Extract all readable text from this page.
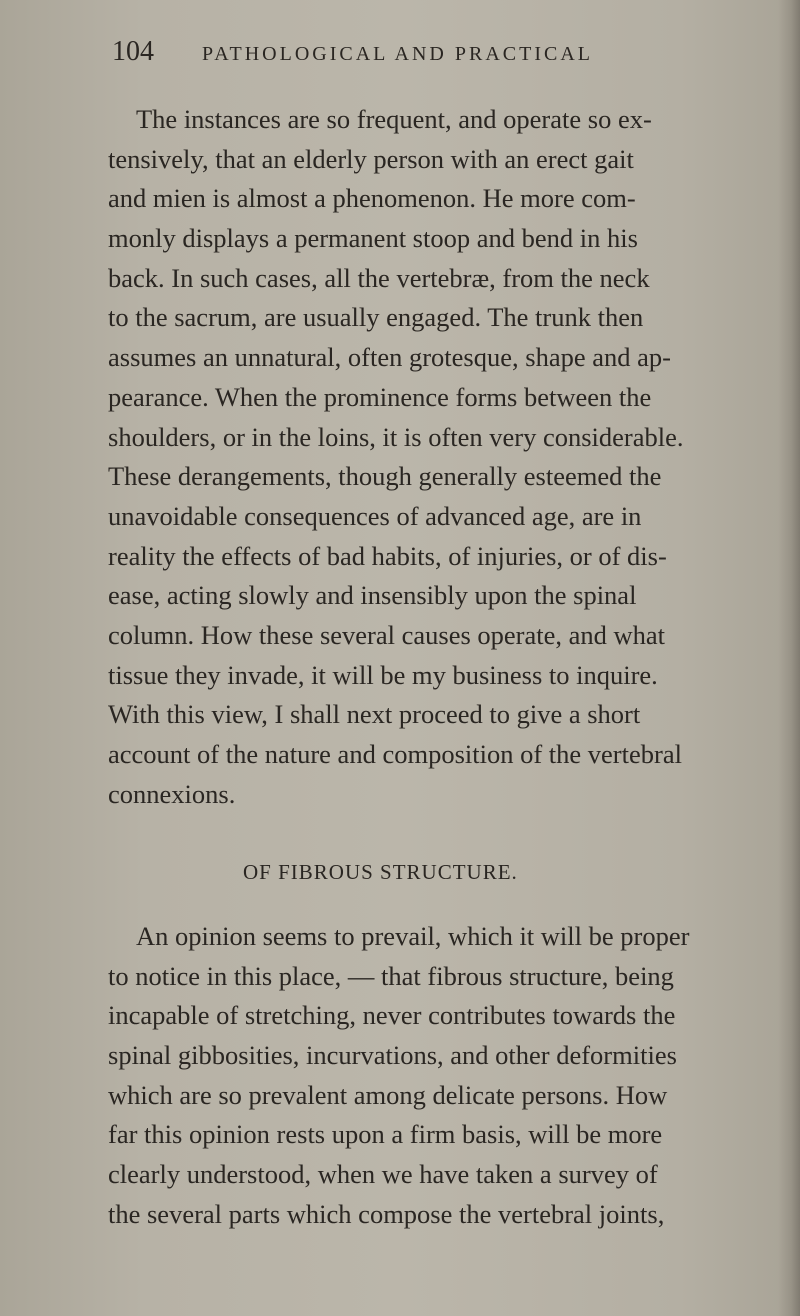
104 PATHOLOGICAL AND PRACTICAL
The instances are so frequent, and operate so ex-
tensively, that an elderly person with an erect gait
and mien is almost a phenomenon. He more com-
monly displays a permanent stoop and bend in his
back. In such cases, all the vertebræ, from the neck
to the sacrum, are usually engaged. The trunk then
assumes an unnatural, often grotesque, shape and ap-
pearance. When the prominence forms between the
shoulders, or in the loins, it is often very considerable.
These derangements, though generally esteemed the
unavoidable consequences of advanced age, are in
reality the effects of bad habits, of injuries, or of dis-
ease, acting slowly and insensibly upon the spinal
column. How these several causes operate, and what
tissue they invade, it will be my business to inquire.
With this view, I shall next proceed to give a short
account of the nature and composition of the vertebral
connexions.
OF FIBROUS STRUCTURE.
An opinion seems to prevail, which it will be proper
to notice in this place, — that fibrous structure, being
incapable of stretching, never contributes towards the
spinal gibbosities, incurvations, and other deformities
which are so prevalent among delicate persons. How
far this opinion rests upon a firm basis, will be more
clearly understood, when we have taken a survey of
the several parts which compose the vertebral joints,
